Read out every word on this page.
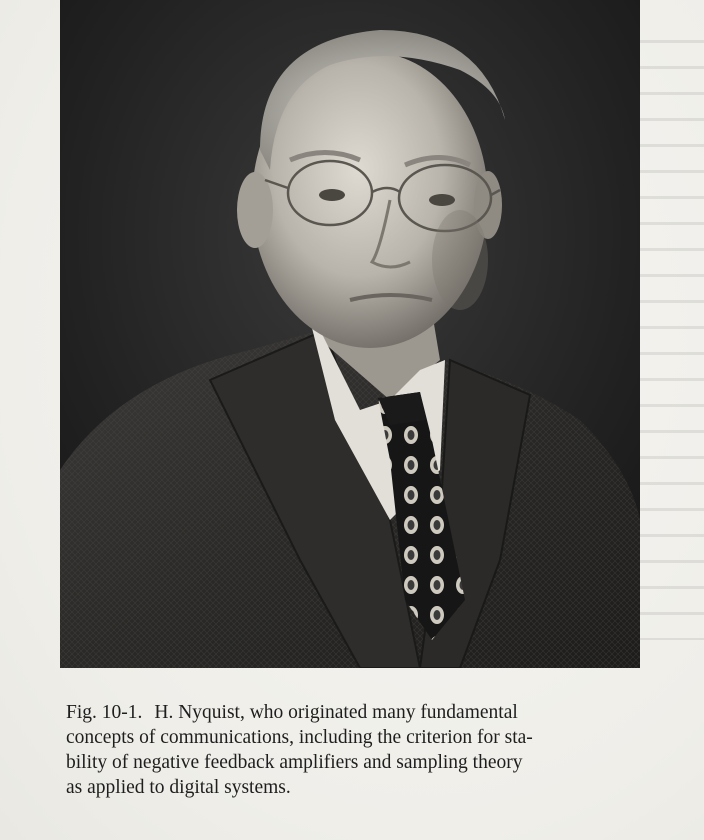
Fig. 10-1. H. Nyquist, who originated many fundamental
concepts of communications, including the criterion for sta-
bility of negative feedback amplifiers and sampling theory
as applied to digital systems.
